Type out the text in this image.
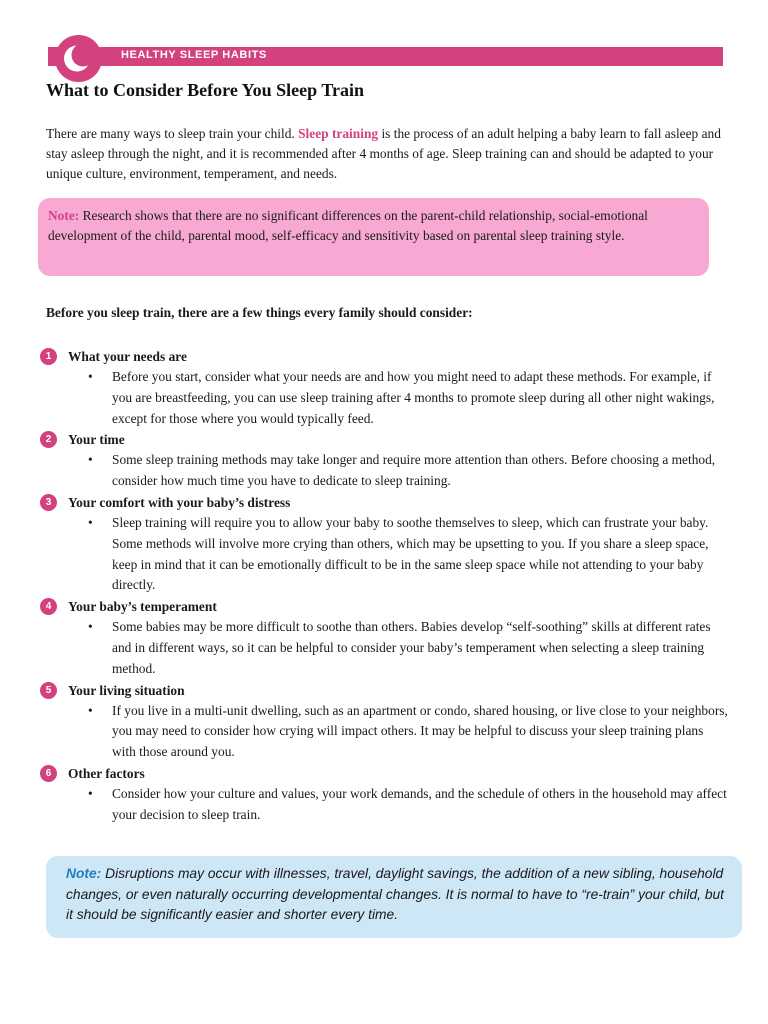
HEALTHY SLEEP HABITS
What to Consider Before You Sleep Train
There are many ways to sleep train your child. Sleep training is the process of an adult helping a baby learn to fall asleep and stay asleep through the night, and it is recommended after 4 months of age. Sleep training can and should be adapted to your unique culture, environment, temperament, and needs.
Note: Research shows that there are no significant differences on the parent-child relationship, social-emotional development of the child, parental mood, self-efficacy and sensitivity based on parental sleep training style.
Before you sleep train, there are a few things every family should consider:
1	What your needs are
• Before you start, consider what your needs are and how you might need to adapt these methods. For example, if you are breastfeeding, you can use sleep training after 4 months to promote sleep during all other night wakings, except for those where you would typically feed.
2	Your time
• Some sleep training methods may take longer and require more attention than others. Before choosing a method, consider how much time you have to dedicate to sleep training.
3	Your comfort with your baby’s distress
• Sleep training will require you to allow your baby to soothe themselves to sleep, which can frustrate your baby. Some methods will involve more crying than others, which may be upsetting to you. If you share a sleep space, keep in mind that it can be emotionally difficult to be in the same sleep space while not attending to your baby directly.
4	Your baby’s temperament
• Some babies may be more difficult to soothe than others. Babies develop “self-soothing” skills at different rates and in different ways, so it can be helpful to consider your baby’s temperament when selecting a sleep training method.
5	Your living situation
• If you live in a multi-unit dwelling, such as an apartment or condo, shared housing, or live close to your neighbors, you may need to consider how crying will impact others. It may be helpful to discuss your sleep training plans with those around you.
6	Other factors
• Consider how your culture and values, your work demands, and the schedule of others in the household may affect your decision to sleep train.
Note: Disruptions may occur with illnesses, travel, daylight savings, the addition of a new sibling, household changes, or even naturally occurring developmental changes. It is normal to have to “re-train” your child, but it should be significantly easier and shorter every time.
